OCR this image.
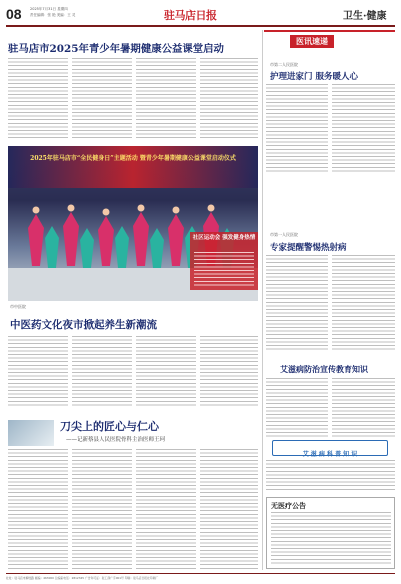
08 2025年7月31日 星期四
责任编辑：张 艳 美编：王 灵	驻马店日报	卫生·健康
驻马店市2025年青少年暑期健康公益课堂启动
2025年驻马店市“全民健身日”主题活动 暨青少年暑期健康公益课堂启动仪式
社区运动会 强发健身热情
医讯速递
市第二人民医院
护理进家门 服务暖人心
市第一人民医院
专家提醒警惕热射病
市中医院
中医药文化夜市掀起养生新潮流
刀尖上的匠心与仁心
——记新蔡县人民医院骨科主治医师王珂
艾滋病防治宣传教育知识
艾 滋 病 科 普 知 识
无医疗公告
社址：驻马店市解放路 邮编：463000 总编室电话：2812345 广告许可证：驻工商广字001号 印刷：驻马店日报社印刷厂
